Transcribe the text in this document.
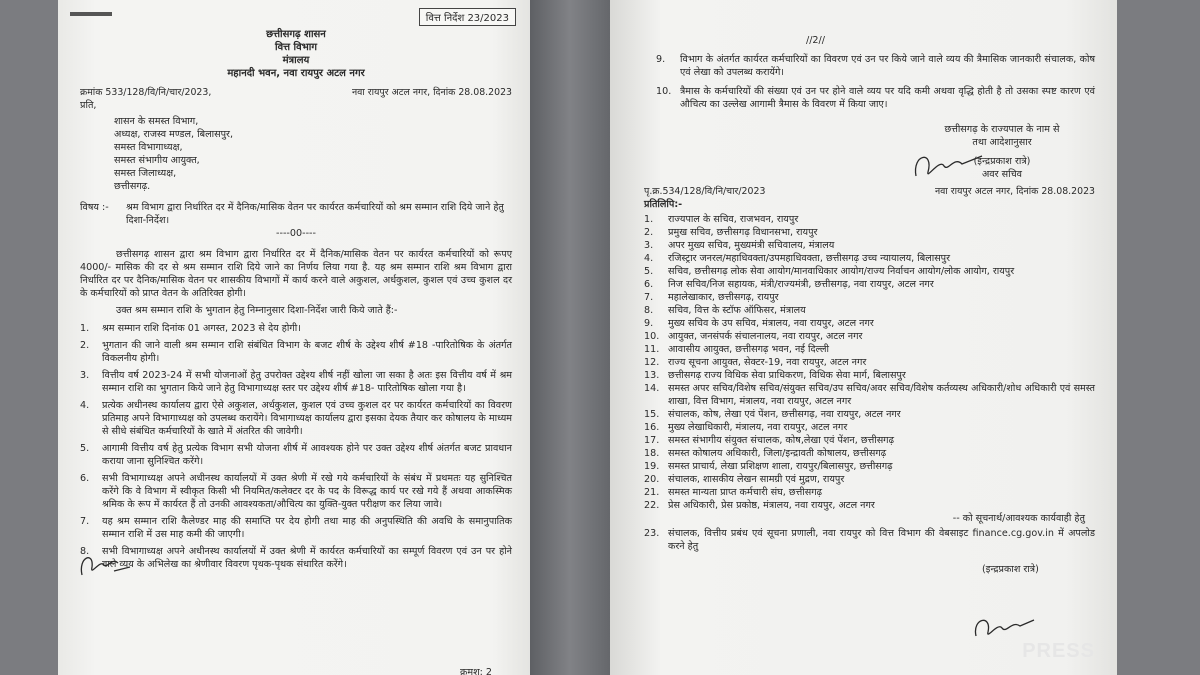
वित्त निर्देश 23/2023
छत्तीसगढ़ शासन
वित्त विभाग
मंत्रालय
महानदी भवन, नवा रायपुर अटल नगर
क्रमांक 533/128/वि/नि/चार/2023,	नवा रायपुर अटल नगर, दिनांक 28.08.2023
प्रति,
शासन के समस्त विभाग,
अध्यक्ष, राजस्व मण्डल, बिलासपुर,
समस्त विभागाध्यक्ष,
समस्त संभागीय आयुक्त,
समस्त जिलाध्यक्ष,
छत्तीसगढ़.
विषय :-	श्रम विभाग द्वारा निर्धारित दर में दैनिक/मासिक वेतन पर कार्यरत कर्मचारियों को श्रम सम्मान राशि दिये जाने हेतु दिशा-निर्देश।
----00----
छत्तीसगढ़ शासन द्वारा श्रम विभाग द्वारा निर्धारित दर में दैनिक/मासिक वेतन पर कार्यरत कर्मचारियों को रूपए 4000/- मासिक की दर से श्रम सम्मान राशि दिये जाने का निर्णय लिया गया है. यह श्रम सम्मान राशि श्रम विभाग द्वारा निर्धारित दर पर दैनिक/मासिक वेतन पर शासकीय विभागों में कार्य करने वाले अकुशल, अर्धकुशल, कुशल एवं उच्च कुशल दर के कर्मचारियों को प्राप्त वेतन के अतिरिक्त होगी।
उक्त श्रम सम्मान राशि के भुगतान हेतु निम्नानुसार दिशा-निर्देश जारी किये जाते हैं:-
1.	श्रम सम्मान राशि दिनांक 01 अगस्त, 2023 से देय होगी।
2.	भुगतान की जाने वाली श्रम सम्मान राशि संबंधित विभाग के बजट शीर्ष के उद्देश्य शीर्ष #18 -पारितोषिक के अंतर्गत विकलनीय होगी।
3.	वित्तीय वर्ष 2023-24 में सभी योजनाओं हेतु उपरोक्त उद्देश्य शीर्ष नहीं खोला जा सका है अतः इस वित्तीय वर्ष में श्रम सम्मान राशि का भुगतान किये जाने हेतु विभागाध्यक्ष स्तर पर उद्देश्य शीर्ष #18- पारितोषिक खोला गया है।
4.	प्रत्येक अधीनस्थ कार्यालय द्वारा ऐसे अकुशल, अर्धकुशल, कुशल एवं उच्च कुशल दर पर कार्यरत कर्मचारियों का विवरण प्रतिमाह अपने विभागाध्यक्ष को उपलब्ध करायेंगे। विभागाध्यक्ष कार्यालय द्वारा इसका देयक तैयार कर कोषालय के माध्यम से सीधे संबंधित कर्मचारियों के खाते में अंतरित की जावेगी।
5.	आगामी वित्तीय वर्ष हेतु प्रत्येक विभाग सभी योजना शीर्ष में आवश्यक होने पर उक्त उद्देश्य शीर्ष अंतर्गत बजट प्रावधान कराया जाना सुनिश्चित करेंगे।
6.	सभी विभागाध्यक्ष अपने अधीनस्थ कार्यालयों में उक्त श्रेणी में रखे गये कर्मचारियों के संबंध में प्रथमतः यह सुनिश्चित करेंगे कि वे विभाग में स्वीकृत किसी भी नियमित/कलेक्टर दर के पद के विरूद्ध कार्य पर रखे गये हैं अथवा आकस्मिक श्रमिक के रूप में कार्यरत हैं तो उनकी आवश्यकता/औचित्य का युक्ति-युक्त परीक्षण कर लिया जावे।
7.	यह श्रम सम्मान राशि कैलेण्डर माह की समाप्ति पर देय होगी तथा माह की अनुपस्थिति की अवधि के समानुपातिक सम्मान राशि में उस माह कमी की जाएगी।
8.	सभी विभागाध्यक्ष अपने अधीनस्थ कार्यालयों में उक्त श्रेणी में कार्यरत कर्मचारियों का सम्पूर्ण विवरण एवं उन पर होने वाले व्यय के अभिलेख का श्रेणीवार विवरण पृथक-पृथक संधारित करेंगे।
क्रमश: 2
//2//
9.	विभाग के अंतर्गत कार्यरत कर्मचारियों का विवरण एवं उन पर किये जाने वाले व्यय की त्रैमासिक जानकारी संचालक, कोष एवं लेखा को उपलब्ध करायेंगे।
10. त्रैमास के कर्मचारियों की संख्या एवं उन पर होने वाले व्यय पर यदि कमी अथवा वृद्धि होती है तो उसका स्पष्ट कारण एवं औचित्य का उल्लेख आगामी त्रैमास के विवरण में किया जाए।
छत्तीसगढ़ के राज्यपाल के नाम से
तथा आदेशानुसार
(इन्द्रप्रकाश रात्रे)
अवर सचिव
पृ.क्र.534/128/वि/नि/चार/2023	नवा रायपुर अटल नगर, दिनांक 28.08.2023
प्रतिलिपि:-
1.	राज्यपाल के सचिव, राजभवन, रायपुर
2.	प्रमुख सचिव, छत्तीसगढ़ विधानसभा, रायपुर
3.	अपर मुख्य सचिव, मुख्यमंत्री सचिवालय, मंत्रालय
4.	रजिस्ट्रार जनरल/महाधिवक्ता/उपमहाधिवक्ता, छत्तीसगढ़ उच्च न्यायालय, बिलासपुर
5.	सचिव, छत्तीसगढ़ लोक सेवा आयोग/मानवाधिकार आयोग/राज्य निर्वाचन आयोग/लोक आयोग, रायपुर
6.	निज सचिव/निज सहायक, मंत्री/राज्यमंत्री, छत्तीसगढ़, नवा रायपुर, अटल नगर
7.	महालेखाकार, छत्तीसगढ़, रायपुर
8.	सचिव, वित्त के स्टॉफ ऑफिसर, मंत्रालय
9.	मुख्य सचिव के उप सचिव, मंत्रालय, नवा रायपुर, अटल नगर
10. आयुक्त, जनसंपर्क संचालनालय, नवा रायपुर, अटल नगर
11. आवासीय आयुक्त, छत्तीसगढ़ भवन, नई दिल्ली
12. राज्य सूचना आयुक्त, सेक्टर-19, नवा रायपुर, अटल नगर
13. छत्तीसगढ़ राज्य विधिक सेवा प्राधिकरण, विधिक सेवा मार्ग, बिलासपुर
14. समस्त अपर सचिव/विशेष सचिव/संयुक्त सचिव/उप सचिव/अवर सचिव/विशेष कर्तव्यस्थ अधिकारी/शोध अधिकारी एवं समस्त शाखा, वित्त विभाग, मंत्रालय, नवा रायपुर, अटल नगर
15. संचालक, कोष, लेखा एवं पेंशन, छत्तीसगढ़, नवा रायपुर, अटल नगर
16. मुख्य लेखाधिकारी, मंत्रालय, नवा रायपुर, अटल नगर
17. समस्त संभागीय संयुक्त संचालक, कोष,लेखा एवं पेंशन, छत्तीसगढ़
18. समस्त कोषालय अधिकारी, जिला/इन्द्रावती कोषालय, छत्तीसगढ़
19. समस्त प्राचार्य, लेखा प्रशिक्षण शाला, रायपुर/बिलासपुर, छत्तीसगढ़
20. संचालक, शासकीय लेखन सामग्री एवं मुद्रण, रायपुर
21. समस्त मान्यता प्राप्त कर्मचारी संघ, छत्तीसगढ़
22. प्रेस अधिकारी, प्रेस प्रकोष्ठ, मंत्रालय, नवा रायपुर, अटल नगर
-- को सूचनार्थ/आवश्यक कार्यवाही हेतु
23. संचालक, वित्तीय प्रबंध एवं सूचना प्रणाली, नवा रायपुर को वित्त विभाग की वेबसाइट finance.cg.gov.in में अपलोड करने हेतु
(इन्द्रप्रकाश रात्रे)
PRESS
